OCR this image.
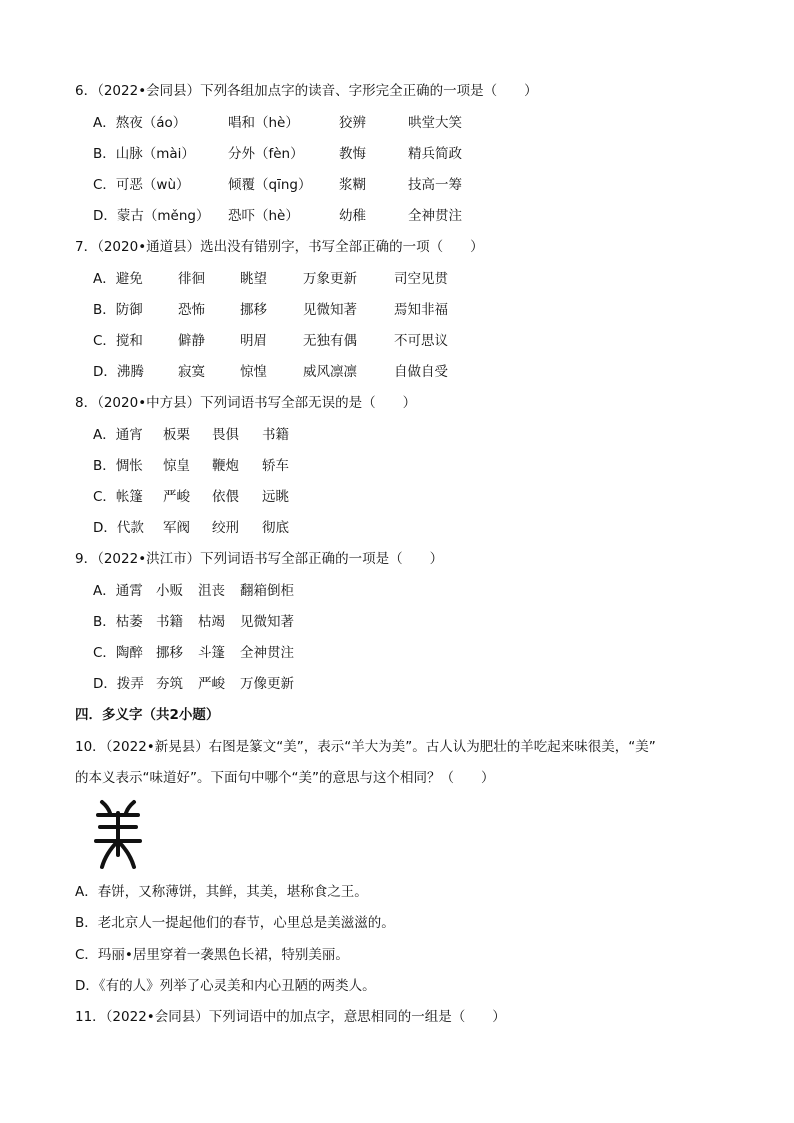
6．（2022•会同县）下列各组加点字的读音、字形完全正确的一项是（　　）
A．熬夜（áo）	唱和（hè）	狡辨	哄堂大笑
B．山脉（mài） 分外（fèn）	教悔	精兵简政
C．可恶（wù）	倾覆（qīng） 浆糊	技高一筹
D．蒙古（měng） 恐吓（hè）	幼稚	全神贯注
7．（2020•通道县）选出没有错别字，书写全部正确的一项（　　）
A．避免	徘徊	眺望	万象更新	司空见贯
B．防御	恐怖	挪移	见微知著	焉知非福
C．搅和	僻静	明眉	无独有偶	不可思议
D．沸腾	寂寞	惊惶	威风凛凛	自做自受
8．（2020•中方县）下列词语书写全部无误的是（　　）
A．通宵 板栗 畏俱 书籍
B．惆怅 惊皇 鞭炮 轿车
C．帐篷 严峻 依偎 远眺
D．代款 军阀 绞刑 彻底
9．（2022•洪江市）下列词语书写全部正确的一项是（　　）
A．通霄 小贩 沮丧 翻箱倒柜
B．枯萎 书籍 枯竭 见微知著
C．陶醉 挪移 斗篷 全神贯注
D．拨弄 夯筑 严峻 万像更新
四．多义字（共2小题）
10．（2022•新晃县）右图是篆文“美”，表示“羊大为美”。古人认为肥壮的羊吃起来味很美，“美”
的本义表示“味道好”。下面句中哪个“美”的意思与这个相同？（　　）
A．春饼，又称薄饼，其鲜，其美，堪称食之王。
B．老北京人一提起他们的春节，心里总是美滋滋的。
C．玛丽•居里穿着一袭黑色长裙，特别美丽。
D．《有的人》列举了心灵美和内心丑陋的两类人。
11．（2022•会同县）下列词语中的加点字，意思相同的一组是（　　）
